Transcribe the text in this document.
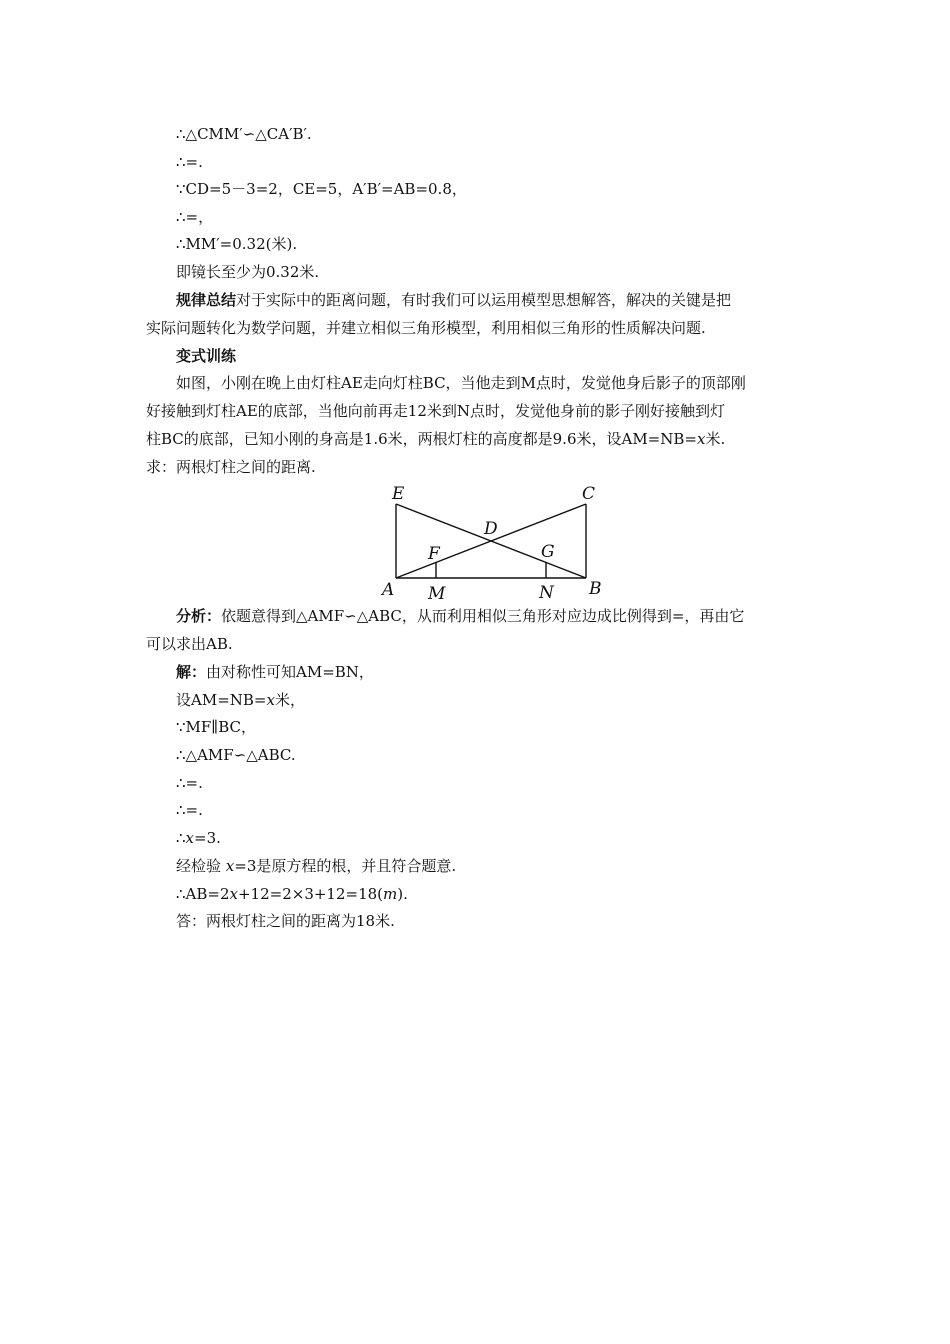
∴△CMM′∽△CA′B′.
∴=.
∵CD=5－3=2，CE=5，A′B′=AB=0.8，
∴=，
∴MM′=0.32(米).
即镜长至少为0.32米.
规律总结对于实际中的距离问题，有时我们可以运用模型思想解答，解决的关键是把
实际问题转化为数学问题，并建立相似三角形模型，利用相似三角形的性质解决问题.
变式训练
如图，小刚在晚上由灯柱AE走向灯柱BC，当他走到M点时，发觉他身后影子的顶部刚
好接触到灯柱AE的底部，当他向前再走12米到N点时，发觉他身前的影子刚好接触到灯
柱BC的底部，已知小刚的身高是1.6米，两根灯柱的高度都是9.6米，设AM=NB=x米.
求：两根灯柱之间的距离.
E	C
D
F	G
A M	N B
分析：依题意得到△AMF∽△ABC，从而利用相似三角形对应边成比例得到=，再由它
可以求出AB.
解：由对称性可知AM=BN，
设AM=NB=x米，
∵MF∥BC，
∴△AMF∽△ABC.
∴=.
∴=.
∴x=3.
经检验 x=3是原方程的根，并且符合题意.
∴AB=2x+12=2×3+12=18(m).
答：两根灯柱之间的距离为18米.
